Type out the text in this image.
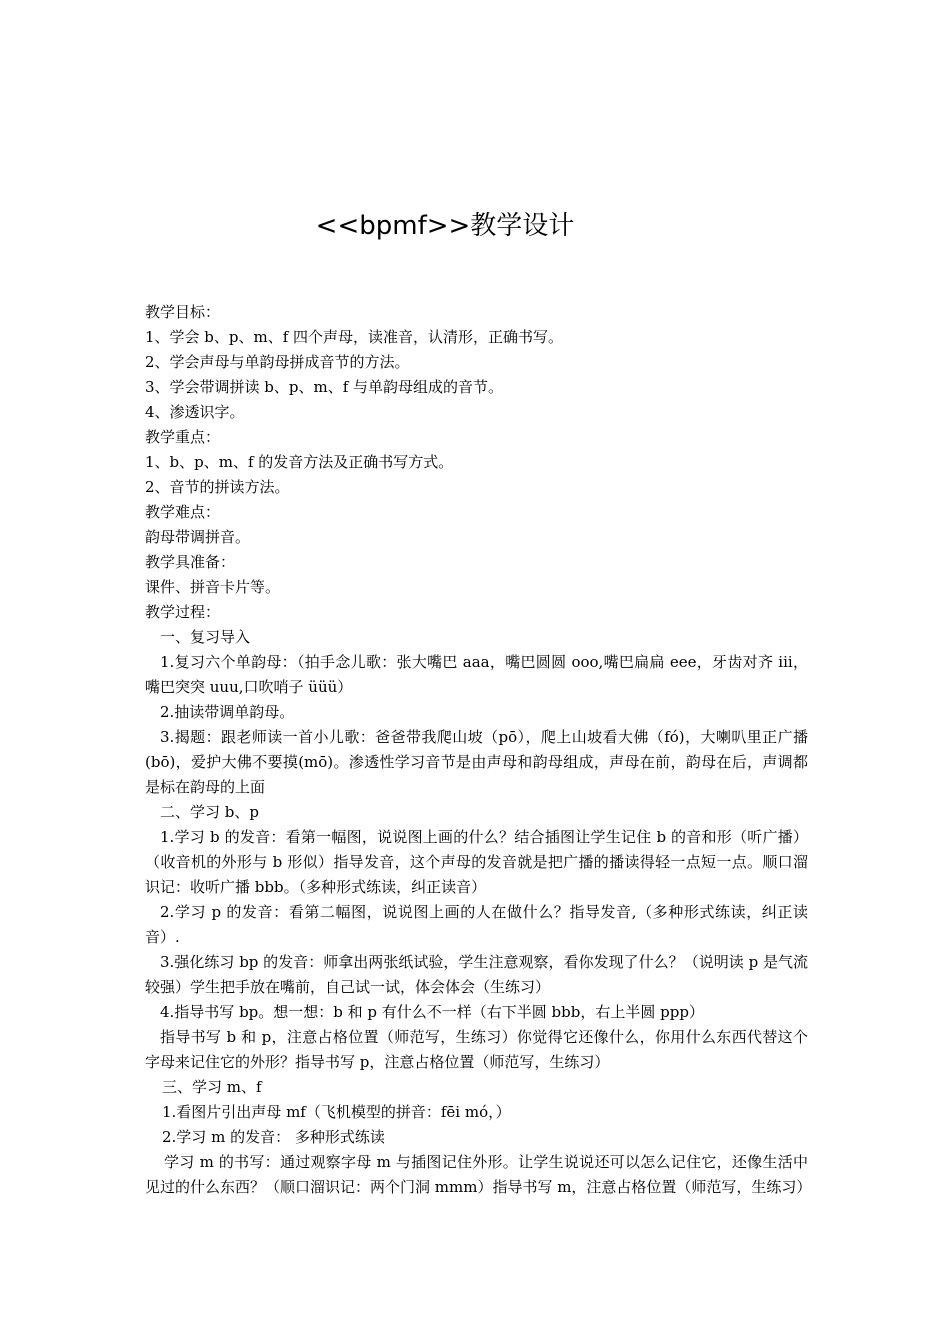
<<bpmf>>教学设计

教学目标：

1、学会 b、p、m、f 四个声母，读准音，认清形，正确书写。

2、学会声母与单韵母拼成音节的方法。

3、学会带调拼读 b、p、m、f 与单韵母组成的音节。

4、渗透识字。

教学重点：

1、b、p、m、f 的发音方法及正确书写方式。

2、音节的拼读方法。

教学难点：

韵母带调拼音。

教学具准备：

课件、拼音卡片等。

教学过程：

一、复习导入

1.复习六个单韵母：（拍手念儿歌：张大嘴巴 aaa，嘴巴圆圆 ooo,嘴巴扁扁 eee，牙齿对齐 iii，嘴巴突突 uuu,口吹哨子 üüü）

2.抽读带调单韵母。

3.揭题：跟老师读一首小儿歌：爸爸带我爬山坡（pō），爬上山坡看大佛（fó)，大喇叭里正广播(bō)，爱护大佛不要摸(mō)。渗透性学习音节是由声母和韵母组成，声母在前，韵母在后，声调都是标在韵母的上面

二、学习 b、p

1.学习 b 的发音：看第一幅图，说说图上画的什么？结合插图让学生记住 b 的音和形（听广播）（收音机的外形与 b 形似）指导发音，这个声母的发音就是把广播的播读得轻一点短一点。顺口溜识记：收听广播 bbb。（多种形式练读，纠正读音）

2.学习 p 的发音：看第二幅图，说说图上画的人在做什么？指导发音,（多种形式练读，纠正读音）.

3.强化练习 bp 的发音：师拿出两张纸试验，学生注意观察，看你发现了什么？（说明读 p 是气流较强）学生把手放在嘴前，自己试一试，体会体会（生练习）

4.指导书写 bp。想一想：b 和 p 有什么不一样（右下半圆 bbb，右上半圆 ppp）

指导书写 b 和 p，注意占格位置（师范写，生练习）你觉得它还像什么，你用什么东西代替这个字母来记住它的外形？指导书写 p，注意占格位置（师范写，生练习）

三、学习 m、f

1.看图片引出声母 mf（飞机模型的拼音：fēi mó，）

2.学习 m 的发音： 多种形式练读

学习 m 的书写：通过观察字母 m 与插图记住外形。让学生说说还可以怎么记住它，还像生活中见过的什么东西？（顺口溜识记：两个门洞 mmm）指导书写 m，注意占格位置（师范写，生练习）
